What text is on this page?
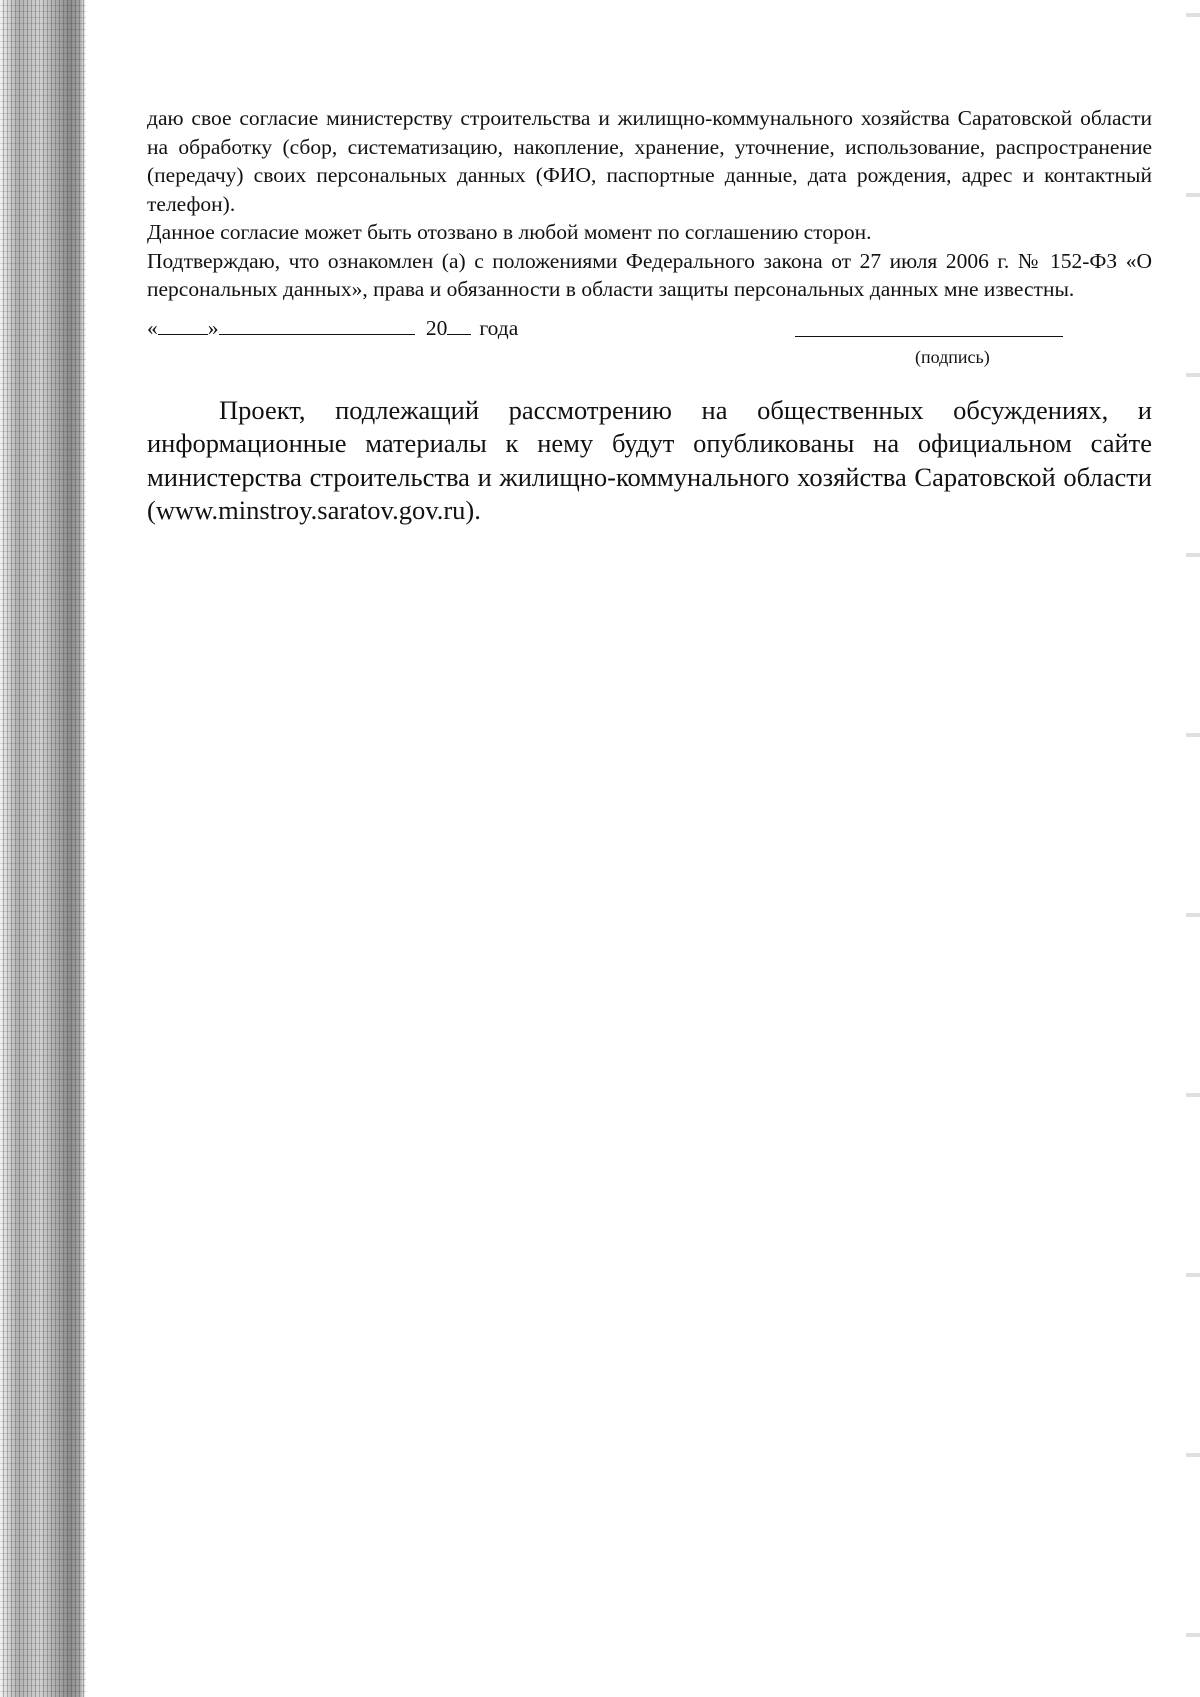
даю свое согласие министерству строительства и жилищно-коммунального хозяйства Саратовской области на обработку (сбор, систематизацию, накопление, хранение, уточнение, использование, распространение (передачу) своих персональных данных (ФИО, паспортные данные, дата рождения, адрес и контактный телефон).

Данное согласие может быть отозвано в любой момент по соглашению сторон.

Подтверждаю, что ознакомлен (а) с положениями Федерального закона от 27 июля 2006 г. № 152-ФЗ «О персональных данных», права и обязанности в области защиты персональных данных мне известны.

« »	20 года
(подпись)

Проект, подлежащий рассмотрению на общественных обсуждениях, и информационные материалы к нему будут опубликованы на официальном сайте министерства строительства и жилищно-коммунального хозяйства Саратовской области (www.minstroy.saratov.gov.ru).
